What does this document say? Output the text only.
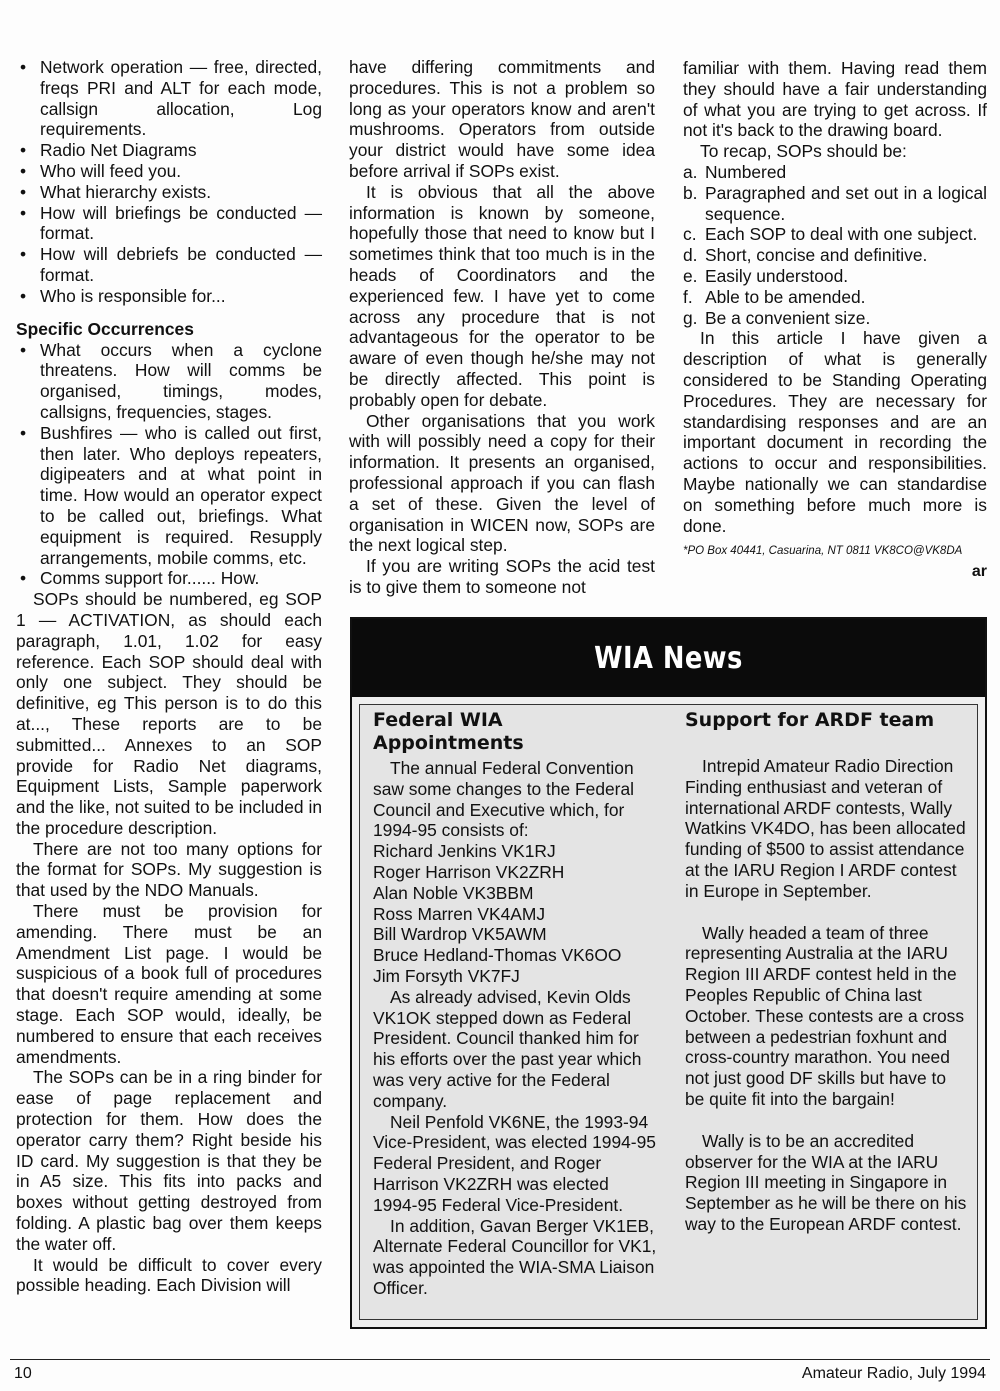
• Network operation — free, directed, freqs PRI and ALT for each mode, callsign allocation, Log requirements.
• Radio Net Diagrams
• Who will feed you.
• What hierarchy exists.
• How will briefings be conducted — format.
• How will debriefs be conducted — format.
• Who is responsible for...
Specific Occurrences
• What occurs when a cyclone threatens. How will comms be organised, timings, modes, callsigns, frequencies, stages.
• Bushfires — who is called out first, then later. Who deploys repeaters, digipeaters and at what point in time. How would an operator expect to be called out, briefings. What equipment is required. Resupply arrangements, mobile comms, etc.
• Comms support for...... How.

SOPs should be numbered, eg SOP 1 — ACTIVATION, as should each paragraph, 1.01, 1.02 for easy reference. Each SOP should deal with only one subject. They should be definitive, eg This person is to do this at..., These reports are to be submitted... Annexes to an SOP provide for Radio Net diagrams, Equipment Lists, Sample paperwork and the like, not suited to be included in the procedure description.

There are not too many options for the format for SOPs. My suggestion is that used by the NDO Manuals.

There must be provision for amending. There must be an Amendment List page. I would be suspicious of a book full of procedures that doesn't require amending at some stage. Each SOP would, ideally, be numbered to ensure that each receives amendments.

The SOPs can be in a ring binder for ease of page replacement and protection for them. How does the operator carry them? Right beside his ID card. My suggestion is that they be in A5 size. This fits into packs and boxes without getting destroyed from folding. A plastic bag over them keeps the water off.

It would be difficult to cover every possible heading. Each Division will

have differing commitments and procedures. This is not a problem so long as your operators know and aren't mushrooms. Operators from outside your district would have some idea before arrival if SOPs exist.

It is obvious that all the above information is known by someone, hopefully those that need to know but I sometimes think that too much is in the heads of Coordinators and the experienced few. I have yet to come across any procedure that is not advantageous for the operator to be aware of even though he/she may not be directly affected. This point is probably open for debate.

Other organisations that you work with will possibly need a copy for their information. It presents an organised, professional approach if you can flash a set of these. Given the level of organisation in WICEN now, SOPs are the next logical step.

If you are writing SOPs the acid test is to give them to someone not

familiar with them. Having read them they should have a fair understanding of what you are trying to get across. If not it's back to the drawing board.

To recap, SOPs should be:

a. Numbered
b. Paragraphed and set out in a logical sequence.
c. Each SOP to deal with one subject.
d. Short, concise and definitive.
e. Easily understood.
f. Able to be amended.
g. Be a convenient size.

In this article I have given a description of what is generally considered to be Standing Operating Procedures. They are necessary for standardising responses and are an important document in recording the actions to occur and responsibilities. Maybe nationally we can standardise on something before much more is done.

*PO Box 40441, Casuarina, NT 0811 VK8CO@VK8DA
ar
WIA News
Federal WIA Appointments

The annual Federal Convention saw some changes to the Federal Council and Executive which, for 1994-95 consists of:

Richard Jenkins VK1RJ
Roger Harrison VK2ZRH
Alan Noble VK3BBM
Ross Marren VK4AMJ
Bill Wardrop VK5AWM
Bruce Hedland-Thomas VK6OO
Jim Forsyth VK7FJ

As already advised, Kevin Olds VK1OK stepped down as Federal President. Council thanked him for his efforts over the past year which was very active for the Federal company.

Neil Penfold VK6NE, the 1993-94 Vice-President, was elected 1994-95 Federal President, and Roger Harrison VK2ZRH was elected 1994-95 Federal Vice-President.

In addition, Gavan Berger VK1EB, Alternate Federal Councillor for VK1, was appointed the WIA-SMA Liaison Officer.

Support for ARDF team

Intrepid Amateur Radio Direction Finding enthusiast and veteran of international ARDF contests, Wally Watkins VK4DO, has been allocated funding of $500 to assist attendance at the IARU Region I ARDF contest in Europe in September.

Wally headed a team of three representing Australia at the IARU Region III ARDF contest held in the Peoples Republic of China last October. These contests are a cross between a pedestrian foxhunt and cross-country marathon. You need not just good DF skills but have to be quite fit into the bargain!

Wally is to be an accredited observer for the WIA at the IARU Region III meeting in Singapore in September as he will be there on his way to the European ARDF contest.

10	Amateur Radio, July 1994
